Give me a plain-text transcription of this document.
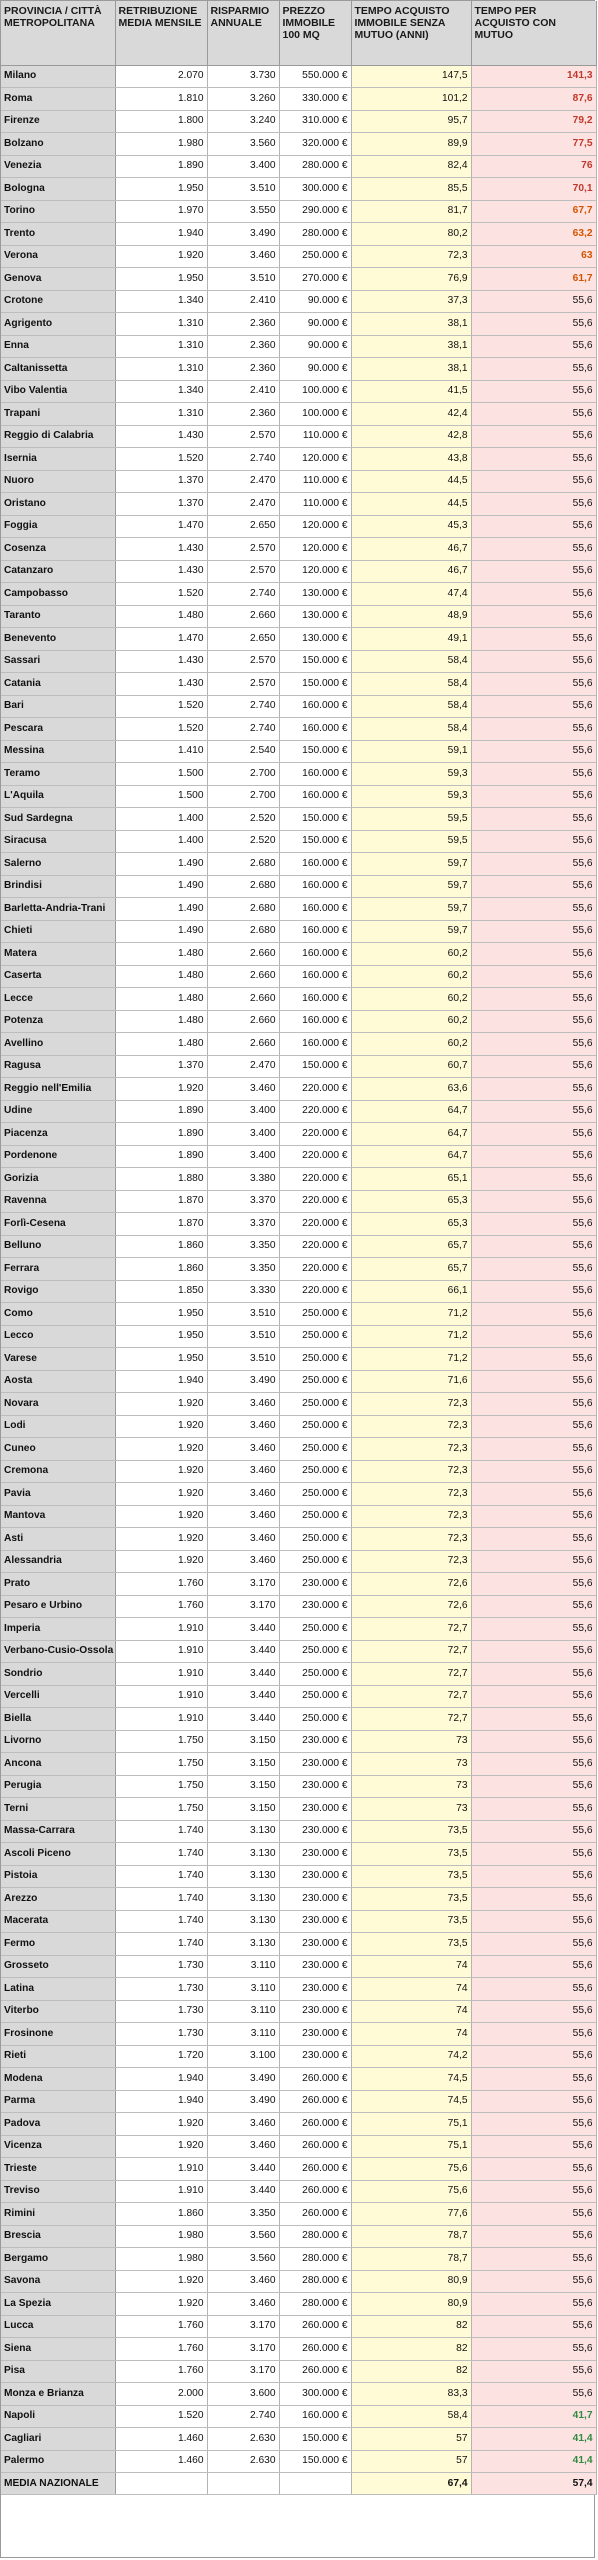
PROVINCIA / CITTÀ METROPOLITANA	RETRIBUZIONE MEDIA MENSILE	RISPARMIO ANNUALE	PREZZO IMMOBILE 100 MQ	TEMPO ACQUISTO IMMOBILE SENZA MUTUO (ANNI)	TEMPO PER ACQUISTO CON MUTUO
Milano	2.070	3.730	550.000 €	147,5	141,3
Roma	1.810	3.260	330.000 €	101,2	87,6
Firenze	1.800	3.240	310.000 €	95,7	79,2
Bolzano	1.980	3.560	320.000 €	89,9	77,5
Venezia	1.890	3.400	280.000 €	82,4	76
Bologna	1.950	3.510	300.000 €	85,5	70,1
Torino	1.970	3.550	290.000 €	81,7	67,7
Trento	1.940	3.490	280.000 €	80,2	63,2
Verona	1.920	3.460	250.000 €	72,3	63
Genova	1.950	3.510	270.000 €	76,9	61,7
Crotone	1.340	2.410	90.000 €	37,3	55,6
Agrigento	1.310	2.360	90.000 €	38,1	55,6
Enna	1.310	2.360	90.000 €	38,1	55,6
Caltanissetta	1.310	2.360	90.000 €	38,1	55,6
Vibo Valentia	1.340	2.410	100.000 €	41,5	55,6
Trapani	1.310	2.360	100.000 €	42,4	55,6
Reggio di Calabria	1.430	2.570	110.000 €	42,8	55,6
Isernia	1.520	2.740	120.000 €	43,8	55,6
Nuoro	1.370	2.470	110.000 €	44,5	55,6
Oristano	1.370	2.470	110.000 €	44,5	55,6
Foggia	1.470	2.650	120.000 €	45,3	55,6
Cosenza	1.430	2.570	120.000 €	46,7	55,6
Catanzaro	1.430	2.570	120.000 €	46,7	55,6
Campobasso	1.520	2.740	130.000 €	47,4	55,6
Taranto	1.480	2.660	130.000 €	48,9	55,6
Benevento	1.470	2.650	130.000 €	49,1	55,6
Sassari	1.430	2.570	150.000 €	58,4	55,6
Catania	1.430	2.570	150.000 €	58,4	55,6
Bari	1.520	2.740	160.000 €	58,4	55,6
Pescara	1.520	2.740	160.000 €	58,4	55,6
Messina	1.410	2.540	150.000 €	59,1	55,6
Teramo	1.500	2.700	160.000 €	59,3	55,6
L'Aquila	1.500	2.700	160.000 €	59,3	55,6
Sud Sardegna	1.400	2.520	150.000 €	59,5	55,6
Siracusa	1.400	2.520	150.000 €	59,5	55,6
Salerno	1.490	2.680	160.000 €	59,7	55,6
Brindisi	1.490	2.680	160.000 €	59,7	55,6
Barletta-Andria-Trani	1.490	2.680	160.000 €	59,7	55,6
Chieti	1.490	2.680	160.000 €	59,7	55,6
Matera	1.480	2.660	160.000 €	60,2	55,6
Caserta	1.480	2.660	160.000 €	60,2	55,6
Lecce	1.480	2.660	160.000 €	60,2	55,6
Potenza	1.480	2.660	160.000 €	60,2	55,6
Avellino	1.480	2.660	160.000 €	60,2	55,6
Ragusa	1.370	2.470	150.000 €	60,7	55,6
Reggio nell'Emilia	1.920	3.460	220.000 €	63,6	55,6
Udine	1.890	3.400	220.000 €	64,7	55,6
Piacenza	1.890	3.400	220.000 €	64,7	55,6
Pordenone	1.890	3.400	220.000 €	64,7	55,6
Gorizia	1.880	3.380	220.000 €	65,1	55,6
Ravenna	1.870	3.370	220.000 €	65,3	55,6
Forlì-Cesena	1.870	3.370	220.000 €	65,3	55,6
Belluno	1.860	3.350	220.000 €	65,7	55,6
Ferrara	1.860	3.350	220.000 €	65,7	55,6
Rovigo	1.850	3.330	220.000 €	66,1	55,6
Como	1.950	3.510	250.000 €	71,2	55,6
Lecco	1.950	3.510	250.000 €	71,2	55,6
Varese	1.950	3.510	250.000 €	71,2	55,6
Aosta	1.940	3.490	250.000 €	71,6	55,6
Novara	1.920	3.460	250.000 €	72,3	55,6
Lodi	1.920	3.460	250.000 €	72,3	55,6
Cuneo	1.920	3.460	250.000 €	72,3	55,6
Cremona	1.920	3.460	250.000 €	72,3	55,6
Pavia	1.920	3.460	250.000 €	72,3	55,6
Mantova	1.920	3.460	250.000 €	72,3	55,6
Asti	1.920	3.460	250.000 €	72,3	55,6
Alessandria	1.920	3.460	250.000 €	72,3	55,6
Prato	1.760	3.170	230.000 €	72,6	55,6
Pesaro e Urbino	1.760	3.170	230.000 €	72,6	55,6
Imperia	1.910	3.440	250.000 €	72,7	55,6
Verbano-Cusio-Ossola	1.910	3.440	250.000 €	72,7	55,6
Sondrio	1.910	3.440	250.000 €	72,7	55,6
Vercelli	1.910	3.440	250.000 €	72,7	55,6
Biella	1.910	3.440	250.000 €	72,7	55,6
Livorno	1.750	3.150	230.000 €	73	55,6
Ancona	1.750	3.150	230.000 €	73	55,6
Perugia	1.750	3.150	230.000 €	73	55,6
Terni	1.750	3.150	230.000 €	73	55,6
Massa-Carrara	1.740	3.130	230.000 €	73,5	55,6
Ascoli Piceno	1.740	3.130	230.000 €	73,5	55,6
Pistoia	1.740	3.130	230.000 €	73,5	55,6
Arezzo	1.740	3.130	230.000 €	73,5	55,6
Macerata	1.740	3.130	230.000 €	73,5	55,6
Fermo	1.740	3.130	230.000 €	73,5	55,6
Grosseto	1.730	3.110	230.000 €	74	55,6
Latina	1.730	3.110	230.000 €	74	55,6
Viterbo	1.730	3.110	230.000 €	74	55,6
Frosinone	1.730	3.110	230.000 €	74	55,6
Rieti	1.720	3.100	230.000 €	74,2	55,6
Modena	1.940	3.490	260.000 €	74,5	55,6
Parma	1.940	3.490	260.000 €	74,5	55,6
Padova	1.920	3.460	260.000 €	75,1	55,6
Vicenza	1.920	3.460	260.000 €	75,1	55,6
Trieste	1.910	3.440	260.000 €	75,6	55,6
Treviso	1.910	3.440	260.000 €	75,6	55,6
Rimini	1.860	3.350	260.000 €	77,6	55,6
Brescia	1.980	3.560	280.000 €	78,7	55,6
Bergamo	1.980	3.560	280.000 €	78,7	55,6
Savona	1.920	3.460	280.000 €	80,9	55,6
La Spezia	1.920	3.460	280.000 €	80,9	55,6
Lucca	1.760	3.170	260.000 €	82	55,6
Siena	1.760	3.170	260.000 €	82	55,6
Pisa	1.760	3.170	260.000 €	82	55,6
Monza e Brianza	2.000	3.600	300.000 €	83,3	55,6
Napoli	1.520	2.740	160.000 €	58,4	41,7
Cagliari	1.460	2.630	150.000 €	57	41,4
Palermo	1.460	2.630	150.000 €	57	41,4
MEDIA NAZIONALE				67,4	57,4
